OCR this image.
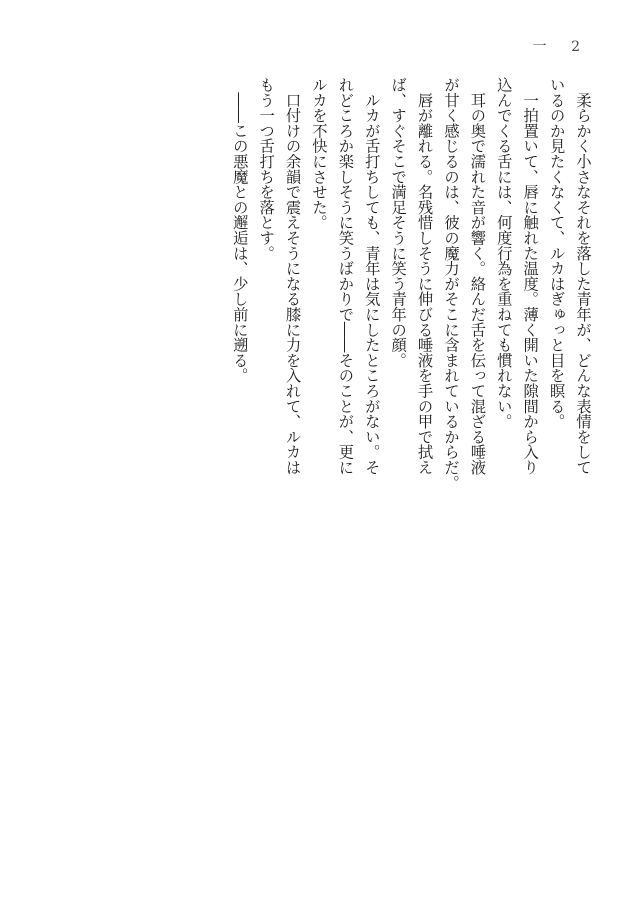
一 2

　柔らかく小さなそれを落した青年が、どんな表情をして

いるのか見たくなくて、ルカはぎゅっと目を瞑る。

　一拍置いて、唇に触れた温度。薄く開いた隙間から入り

込んでくる舌には、何度行為を重ねても慣れない。

　耳の奥で濡れた音が響く。絡んだ舌を伝って混ざる唾液

が甘く感じるのは、彼の魔力がそこに含まれているからだ。

　唇が離れる。名残惜しそうに伸びる唾液を手の甲で拭え

ば、すぐそこで満足そうに笑う青年の顔。

　ルカが舌打ちしても、青年は気にしたところがない。そ

れどころか楽しそうに笑うばかりで――そのことが、更に

ルカを不快にさせた。

　口付けの余韻で震えそうになる膝に力を入れて、ルカは

もう一つ舌打ちを落とす。

　――この悪魔との邂逅は、少し前に遡る。
